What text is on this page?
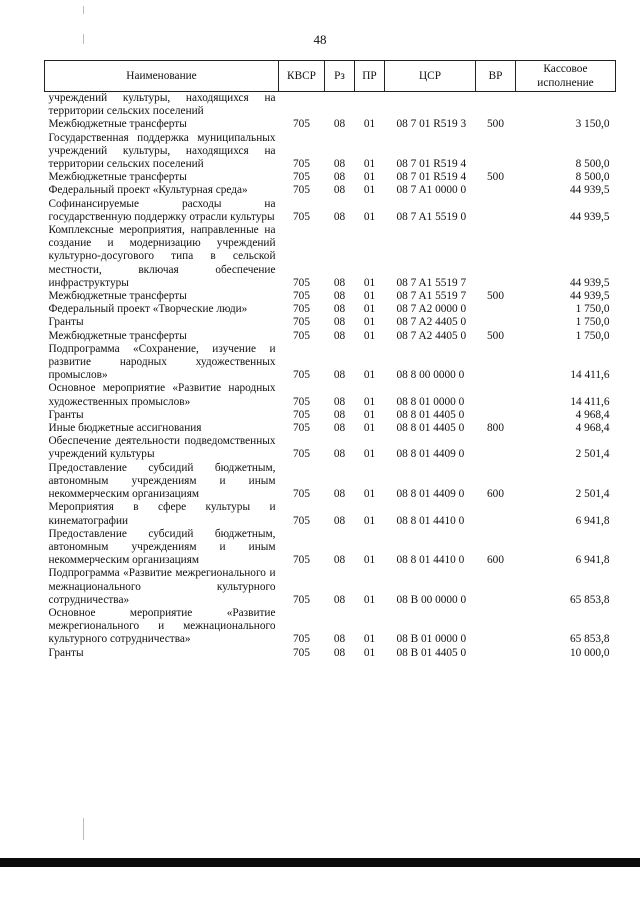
48
Наименование	КВСР	Рз	ПР	ЦСР	ВР	Кассовое исполнение
учреждений культуры, находящихся на территории сельских поселений						
Межбюджетные трансферты	705	08	01	08 7 01 R519 3	500	3 150,0
Государственная поддержка муниципальных учреждений культуры, находящихся на территории сельских поселений	705	08	01	08 7 01 R519 4		8 500,0
Межбюджетные трансферты	705	08	01	08 7 01 R519 4	500	8 500,0
Федеральный проект «Культурная среда»	705	08	01	08 7 A1 0000 0		44 939,5
Софинансируемые расходы на государственную поддержку отрасли культуры	705	08	01	08 7 A1 5519 0		44 939,5
Комплексные мероприятия, направленные на создание и модернизацию учреждений культурно-досугового типа в сельской местности, включая обеспечение инфраструктуры	705	08	01	08 7 A1 5519 7		44 939,5
Межбюджетные трансферты	705	08	01	08 7 A1 5519 7	500	44 939,5
Федеральный проект «Творческие люди»	705	08	01	08 7 A2 0000 0		1 750,0
Гранты	705	08	01	08 7 A2 4405 0		1 750,0
Межбюджетные трансферты	705	08	01	08 7 A2 4405 0	500	1 750,0
Подпрограмма «Сохранение, изучение и развитие народных художественных промыслов»	705	08	01	08 8 00 0000 0		14 411,6
Основное мероприятие «Развитие народных художественных промыслов»	705	08	01	08 8 01 0000 0		14 411,6
Гранты	705	08	01	08 8 01 4405 0		4 968,4
Иные бюджетные ассигнования	705	08	01	08 8 01 4405 0	800	4 968,4
Обеспечение деятельности подведомственных учреждений культуры	705	08	01	08 8 01 4409 0		2 501,4
Предоставление субсидий бюджетным, автономным учреждениям и иным некоммерческим организациям	705	08	01	08 8 01 4409 0	600	2 501,4
Мероприятия в сфере культуры и кинематографии	705	08	01	08 8 01 4410 0		6 941,8
Предоставление субсидий бюджетным, автономным учреждениям и иным некоммерческим организациям	705	08	01	08 8 01 4410 0	600	6 941,8
Подпрограмма «Развитие межрегионального и межнационального культурного сотрудничества»	705	08	01	08 B 00 0000 0		65 853,8
Основное мероприятие «Развитие межрегионального и межнационального культурного сотрудничества»	705	08	01	08 B 01 0000 0		65 853,8
Гранты	705	08	01	08 B 01 4405 0		10 000,0
